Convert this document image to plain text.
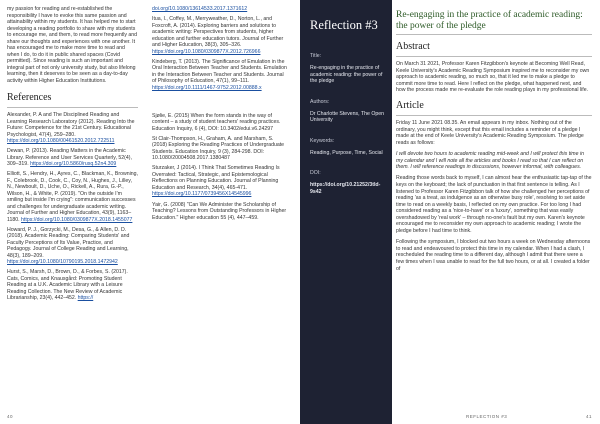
my passion for reading and re-established the responsibility I have to evoke this same passion and attainability within my students. It has helped me to start developing a reading portfolio to share with my students to encourage me, and them, to read more frequently and share our thoughts and experiences with one another. It has encouraged me to make more time to read and when I do, to do it in public shared spaces (Covid permitted). Since reading is such an important and integral part of not only university study, but also lifelong learning, then it deserves to be seen as a day-to-day activity within Higher Education Institutions.

References

Alexander, P. A and The Disciplined Reading and Learning Research Laboratory (2012). Reading Into the Future: Competence for the 21st Century. Educational Psychologist, 47(4), 259–280. https://doi.org/10.1080/00461520.2012.722511

Dewan, P. (2013). Reading Matters in the Academic Library. Reference and User Services Quarterly, 52(4), 309–319. https://doi.org/10.5860/rusq.52n4.309

Elliott, S., Hendry, H., Ayres, C., Blackman, K., Browning, F., Colebrook, D., Cook, C., Coy, N., Hughes, J., Lilley, N., Newboult, D., Uche, O., Rickell, A., Rura, G.-P., Wilson, H., & White, P. (2019). "On the outside I'm smiling but inside I'm crying": communication successes and challenges for undergraduate academic writing. Journal of Further and Higher Education, 43(9), 1163–1180. https://doi.org/10.1080/0309877X.2018.1455077

Howard, P. J., Gorzycki, M., Desa, G., & Allen, D. D. (2018). Academic Reading: Comparing Students' and Faculty Perceptions of Its Value, Practice, and Pedagogy. Journal of College Reading and Learning, 48(3), 189–209. https://doi.org/10.1080/10790195.2018.1472942

Hurst, S., Marsh, D., Brown, D., & Forbes, S. (2017). Cats, Comics, and Knausgård: Promoting Student Reading at a U.K. Academic Library with a Leisure Reading Collection. The New Review of Academic Librarianship, 23(4), 442–452. https://

doi.org/10.1080/13614533.2017.1371612

Itua, I., Coffey, M., Merryweather, D., Norton, L., and Foxcroft, A. (2014). Exploring barriers and solutions to academic writing: Perspectives from students, higher education and further education tutors. Journal of Further and Higher Education, 38(3), 305–326. https://doi.org/10.1080/0309877X.2012.726966

Kindeberg, T. (2013). The Significance of Emulation in the Oral Interaction Between Teacher and Students. Emulation in the Interaction Between Teacher and Students. Journal of Philosophy of Education, 47(1), 99–111. https://doi.org/10.1111/1467-9752.2012.00888.x

Sjølie, E. (2015) When the form stands in the way of content – a study of student teachers' reading practices. Education Inquiry, 6 (4), DOI: 10.3402/edui.v6.24297

St Clair-Thompson, H., Graham, A. and Marsham, S. (2018) Exploring the Reading Practices of Undergraduate Students. Education Inquiry, 9 (3), 284-298. DOI: 10.1080/20004508.2017.1380487

Sturzaker, J (2014). I Think That Sometimes Reading Is Overrated: Tactical, Strategic, and Epistemological Reflections on Planning Education. Journal of Planning Education and Research, 34(4), 465-471. https://doi.org/10.1177/0739456X14545996

Yair, G. (2008) "Can We Administer the Scholarship of Teaching? Lessons from Outstanding Professors in Higher Education." Higher education 55 (4), 447–459.

40
Reflection #3
Title:
Re-engaging in the practice of academic reading: the power of the pledge
Authors:
Dr Charlotte Stevens, The Open University
Keywords:
Reading, Purpose, Time, Social
DOI:
https://doi.org/10.21252/3tld-9s42
Re-engaging in the practice of academic reading: the power of the pledge
Abstract

On March 31 2021, Professor Karen Fitzgibbon's keynote at Becoming Well Read, Keele University's Academic Reading Symposium inspired me to reconsider my own approach to academic reading, so much so, that it led me to make a pledge to commit more time to read. Here I reflect on the pledge, what happened next, and how the process made me re-evaluate the role reading plays in my professional life.

Article

Friday 11 June 2021 08.35. An email appears in my inbox. Nothing out of the ordinary, you might think, except that this email includes a reminder of a pledge I made at the end of Keele University's Academic Reading Symposium. The pledge reads as follows:

I will devote two hours to academic reading mid-week and I will protect this time in my calendar and I will note all the articles and books I read so that I can reflect on them. I will reference readings in discussions, however informal, with colleagues.

Reading those words back to myself, I can almost hear the enthusiastic tap-tap of the keys on the keyboard; the lack of punctuation in that first sentence is telling. As I listened to Professor Karen Fitzgibbon talk of how she challenged her perceptions of reading 'as a treat, as indulgence as an otherwise busy role', resolving to set aside time to read on a weekly basis, I reflected on my own practice. For too long I had considered reading as a 'nice-to-have' or a 'luxury', something that was easily overshadowed by 'real work' – through no-one's fault but my own. Karen's keynote encouraged me to reconsider my own approach to academic reading; I wrote the pledge before I had time to think.

Following the symposium, I blocked out two hours a week on Wednesday afternoons to read and endeavoured to protect this time in my calendar. When I had a clash, I rescheduled the reading time to a different day, although I admit that there were a few times when I was unable to read for the full two hours, or at all. I created a folder of

REFLECTION #3	41
